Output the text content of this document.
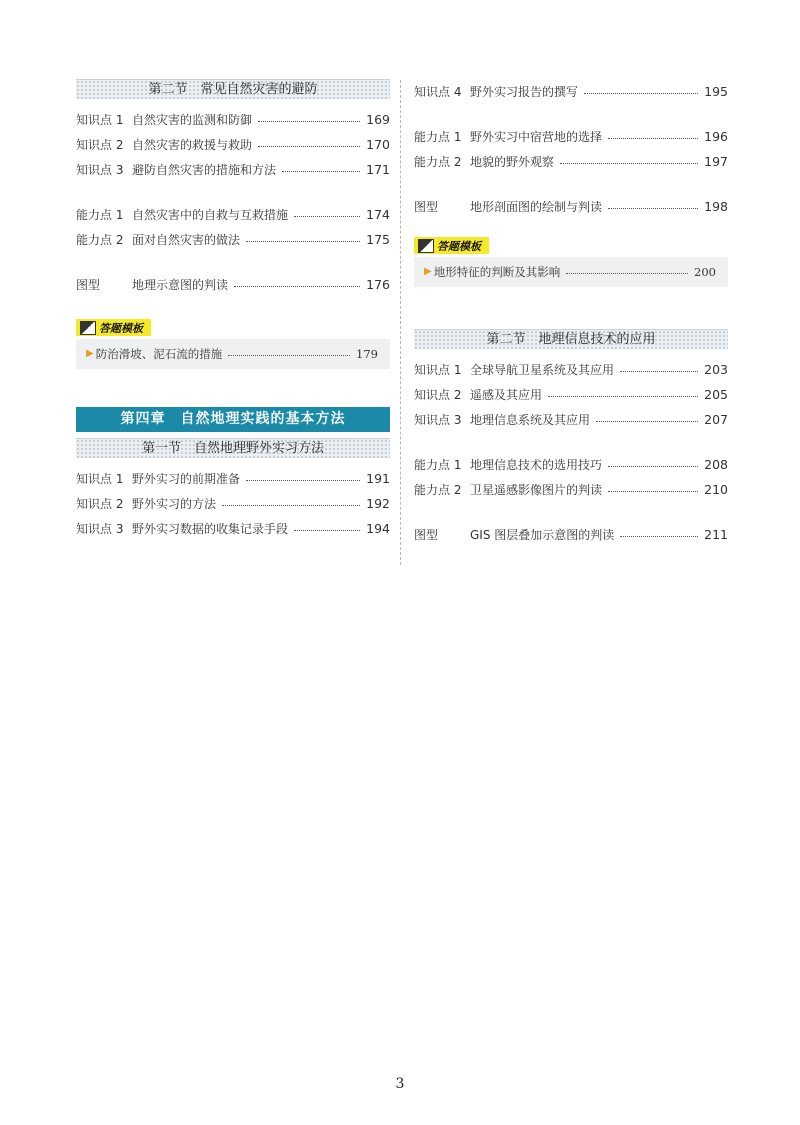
第二节　常见自然灾害的避防
知识点 1 自然灾害的监测和防御	169
知识点 2 自然灾害的救援与救助	170
知识点 3 避防自然灾害的措施和方法	171
能力点 1 自然灾害中的自救与互救措施	174
能力点 2 面对自然灾害的做法	175
图型	地理示意图的判读	176
答题模板
▶ 防治滑坡、泥石流的措施	179
第四章　自然地理实践的基本方法
第一节　自然地理野外实习方法
知识点 1 野外实习的前期准备	191
知识点 2 野外实习的方法	192
知识点 3 野外实习数据的收集记录手段	194
知识点 4 野外实习报告的撰写	195
能力点 1 野外实习中宿营地的选择	196
能力点 2 地貌的野外观察	197
图型	地形剖面图的绘制与判读	198
答题模板
▶ 地形特征的判断及其影响	200
第二节　地理信息技术的应用
知识点 1 全球导航卫星系统及其应用	203
知识点 2 遥感及其应用	205
知识点 3 地理信息系统及其应用	207
能力点 1 地理信息技术的选用技巧	208
能力点 2 卫星遥感影像图片的判读	210
图型	GIS 图层叠加示意图的判读	211
3
